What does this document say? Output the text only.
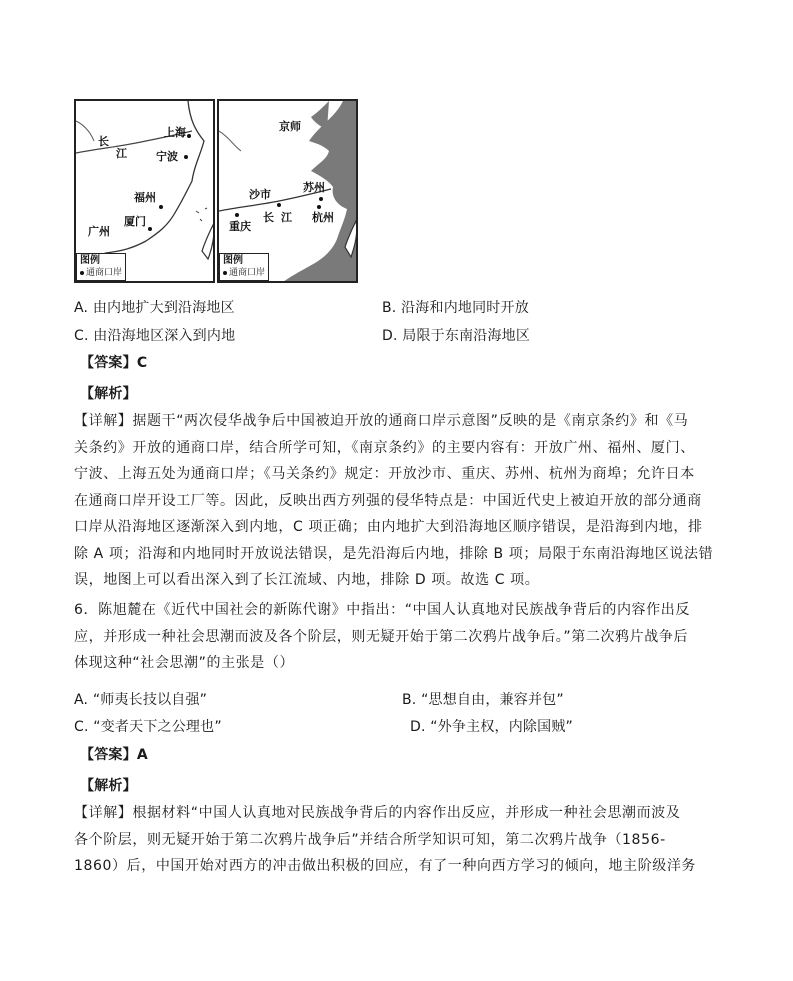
上海
长
江	宁波
福州
厦门
广州
图例
通商口岸
京师
苏州
沙市
长 江 杭州
重庆
图例
通商口岸
A. 由内地扩大到沿海地区	B. 沿海和内地同时开放
C. 由沿海地区深入到内地	D. 局限于东南沿海地区
【答案】C
【解析】
【详解】据题干“两次侵华战争后中国被迫开放的通商口岸示意图”反映的是《南京条约》和《马
关条约》开放的通商口岸，结合所学可知，《南京条约》的主要内容有：开放广州、福州、厦门、
宁波、上海五处为通商口岸；《马关条约》规定：开放沙市、重庆、苏州、杭州为商埠；允许日本
在通商口岸开设工厂等。因此，反映出西方列强的侵华特点是：中国近代史上被迫开放的部分通商
口岸从沿海地区逐渐深入到内地，C 项正确；由内地扩大到沿海地区顺序错误，是沿海到内地，排
除 A 项；沿海和内地同时开放说法错误，是先沿海后内地，排除 B 项；局限于东南沿海地区说法错
误，地图上可以看出深入到了长江流域、内地，排除 D 项。故选 C 项。
6．陈旭麓在《近代中国社会的新陈代谢》中指出：“中国人认真地对民族战争背后的内容作出反
应，并形成一种社会思潮而波及各个阶层，则无疑开始于第二次鸦片战争后。”第二次鸦片战争后
体现这种“社会思潮”的主张是（）
A. “师夷长技以自强”	B. “思想自由，兼容并包”
C. “变者天下之公理也”	D. “外争主权，内除国贼”
【答案】A
【解析】
【详解】根据材料“中国人认真地对民族战争背后的内容作出反应，并形成一种社会思潮而波及
各个阶层，则无疑开始于第二次鸦片战争后”并结合所学知识可知，第二次鸦片战争（1856-
1860）后，中国开始对西方的冲击做出积极的回应，有了一种向西方学习的倾向，地主阶级洋务
